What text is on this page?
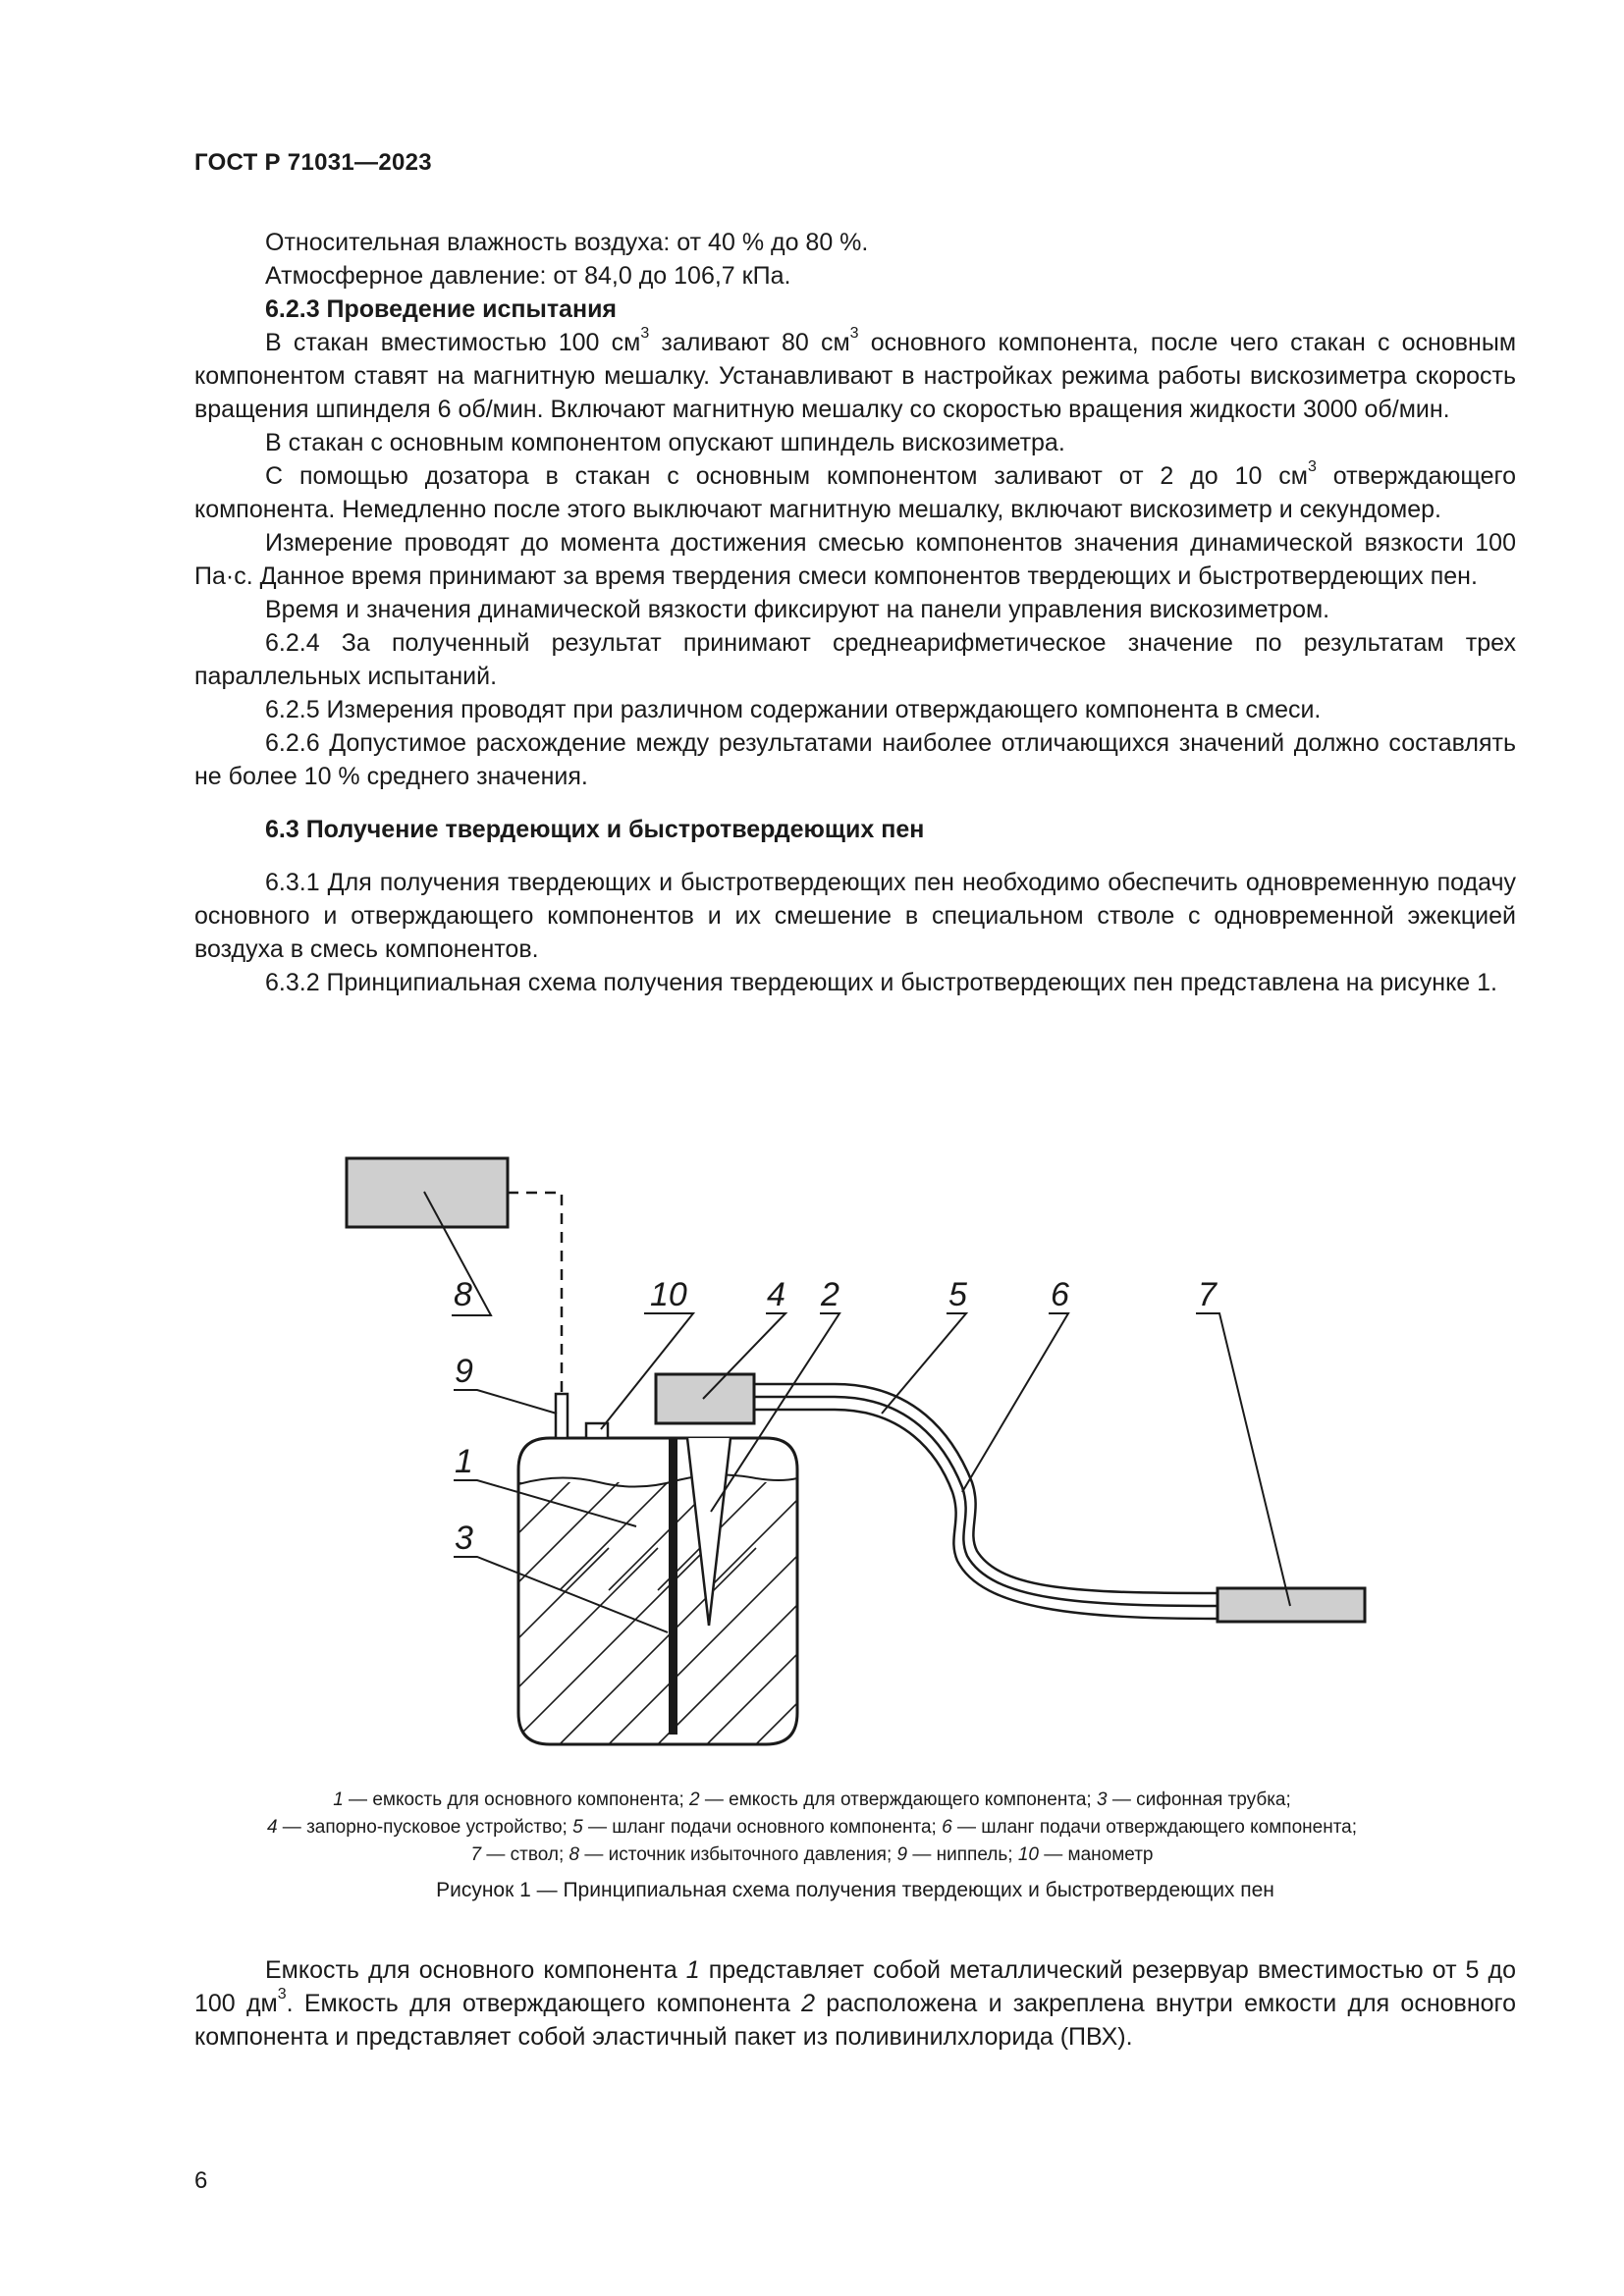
ГОСТ Р 71031—2023

Относительная влажность воздуха: от 40 % до 80 %.

Атмосферное давление: от 84,0 до 106,7 кПа.

6.2.3 Проведение испытания

В стакан вместимостью 100 $см^3$ заливают 80 $см^3$ основного компонента, после чего стакан с основным компонентом ставят на магнитную мешалку. Устанавливают в настройках режима работы вискозиметра скорость вращения шпинделя 6 об/мин. Включают магнитную мешалку со скоростью вращения жидкости 3000 об/мин.

В стакан с основным компонентом опускают шпиндель вискозиметра.

С помощью дозатора в стакан с основным компонентом заливают от 2 до 10 $см^3$ отверждающего компонента. Немедленно после этого выключают магнитную мешалку, включают вискозиметр и секундомер.

Измерение проводят до момента достижения смесью компонентов значения динамической вязкости 100 Па·с. Данное время принимают за время твердения смеси компонентов твердеющих и быстротвердеющих пен.

Время и значения динамической вязкости фиксируют на панели управления вискозиметром.

6.2.4 За полученный результат принимают среднеарифметическое значение по результатам трех параллельных испытаний.

6.2.5 Измерения проводят при различном содержании отверждающего компонента в смеси.

6.2.6 Допустимое расхождение между результатами наиболее отличающихся значений должно составлять не более 10 % среднего значения.

6.3 Получение твердеющих и быстротвердеющих пен

6.3.1 Для получения твердеющих и быстротвердеющих пен необходимо обеспечить одновременную подачу основного и отверждающего компонентов и их смешение в специальном стволе с одновременной эжекцией воздуха в смесь компонентов.

6.3.2 Принципиальная схема получения твердеющих и быстротвердеющих пен представлена на рисунке 1.

8	10 4 2	5	6	7
9
1
3
1 — емкость для основного компонента; 2 — емкость для отверждающего компонента; 3 — сифонная трубка;
4 — запорно-пусковое устройство; 5 — шланг подачи основного компонента; 6 — шланг подачи отверждающего компонента; 7 — ствол; 8 — источник избыточного давления; 9 — ниппель; 10 — манометр
Рисунок 1 — Принципиальная схема получения твердеющих и быстротвердеющих пен

Емкость для основного компонента 1 представляет собой металлический резервуар вместимостью от 5 до 100 $дм^3$. Емкость для отверждающего компонента 2 расположена и закреплена внутри емкости для основного компонента и представляет собой эластичный пакет из поливинилхлорида (ПВХ).

6
